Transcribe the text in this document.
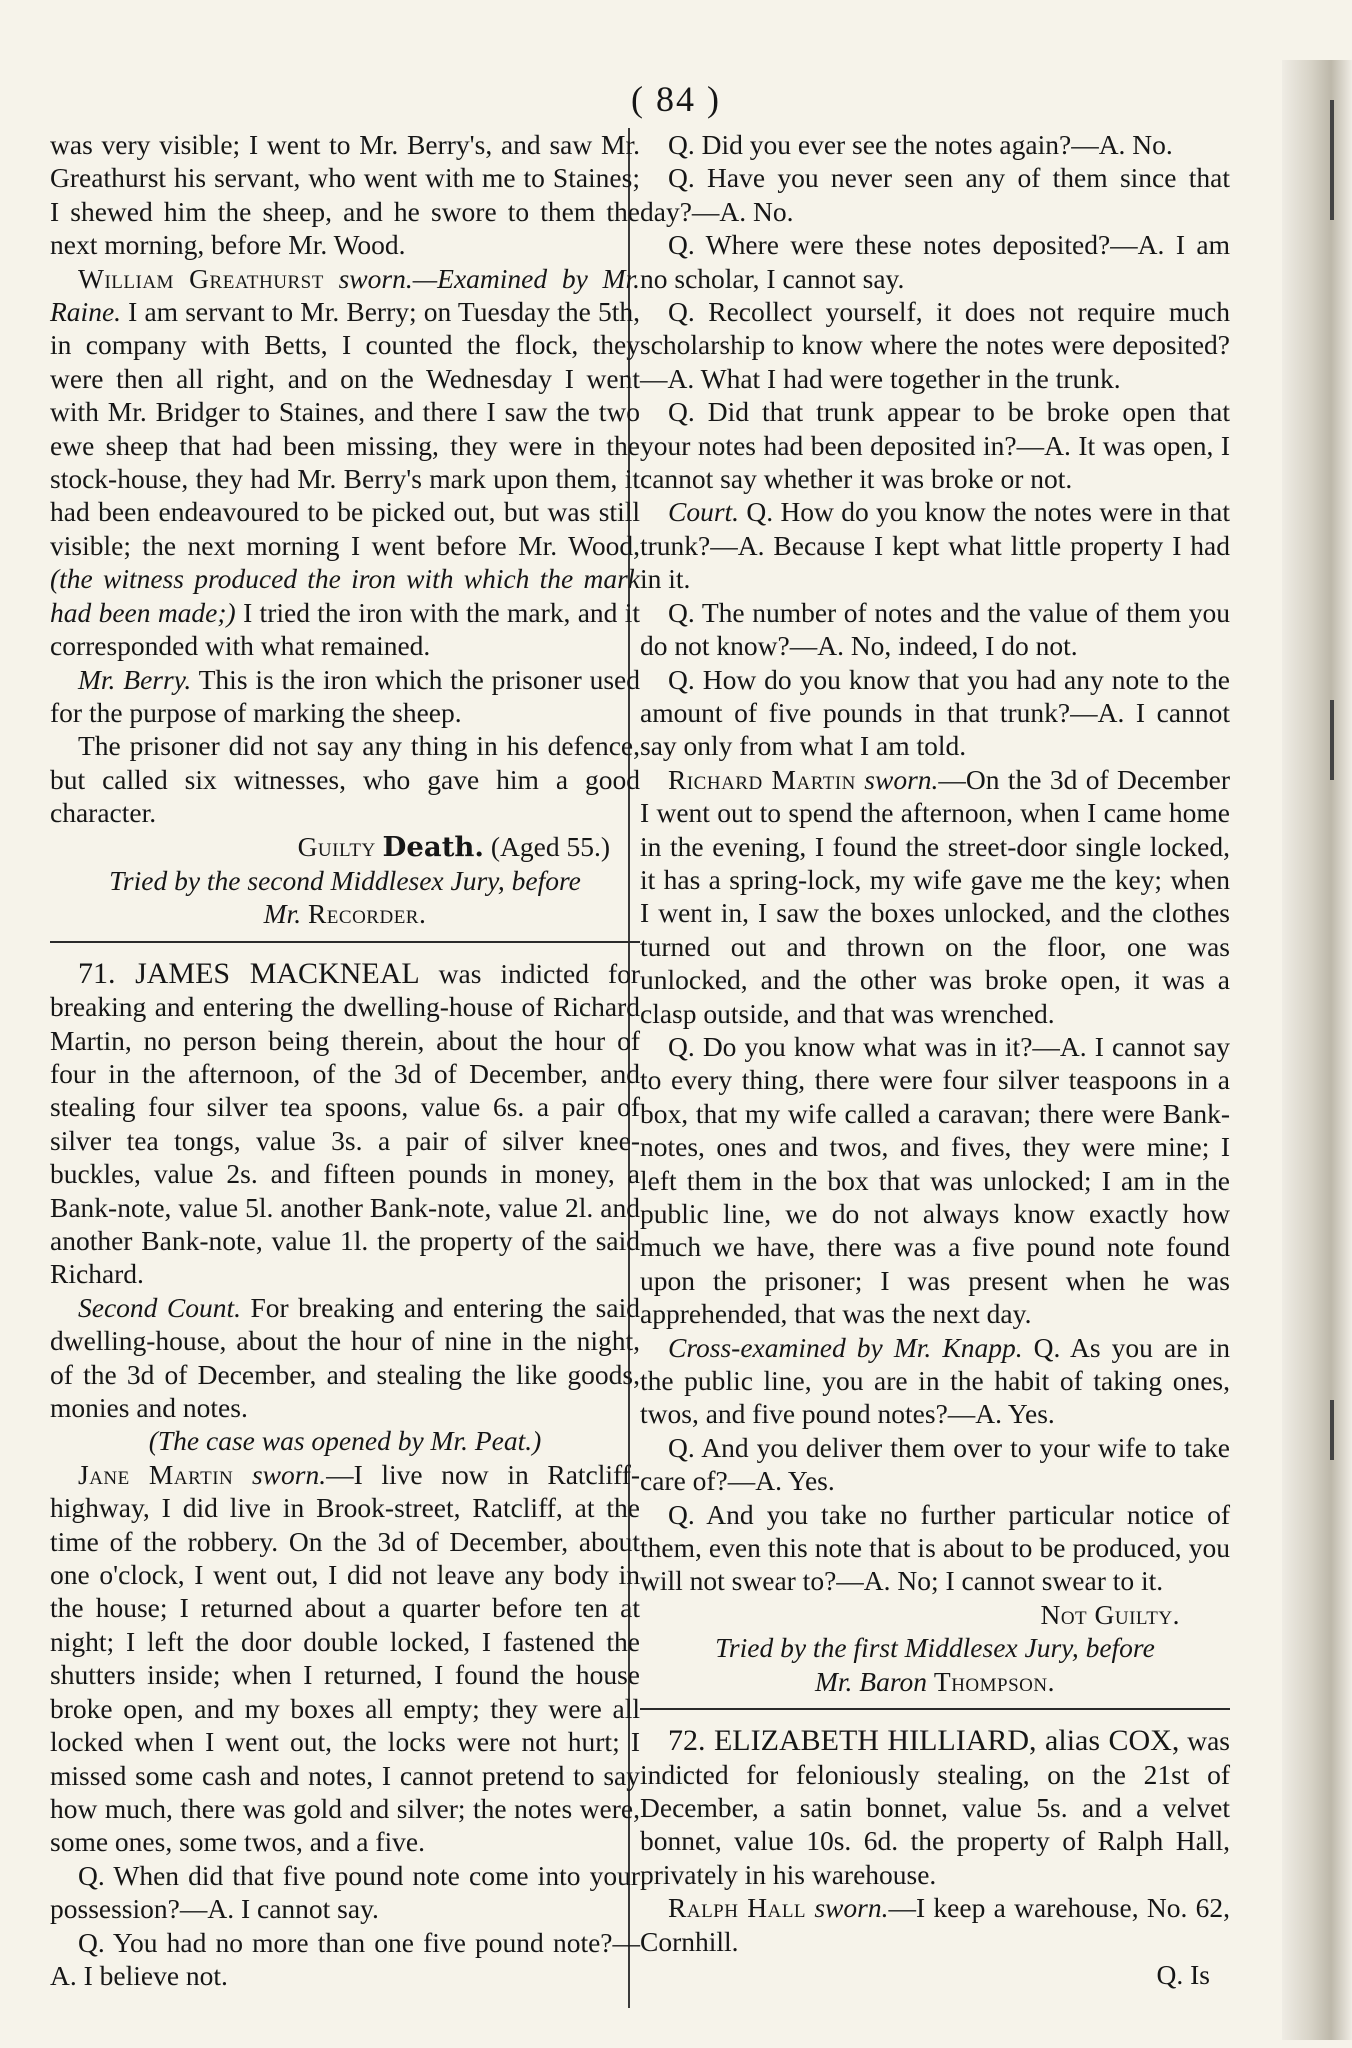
( 84 )

was very visible; I went to Mr. Berry's, and saw Mr. Greathurst his servant, who went with me to Staines; I shewed him the sheep, and he swore to them the next morning, before Mr. Wood.

William Greathurst sworn.—Examined by Mr. Raine. I am servant to Mr. Berry; on Tuesday the 5th, in company with Betts, I counted the flock, they were then all right, and on the Wednesday I went with Mr. Bridger to Staines, and there I saw the two ewe sheep that had been missing, they were in the stock-house, they had Mr. Berry's mark upon them, it had been endeavoured to be picked out, but was still visible; the next morning I went before Mr. Wood, (the witness produced the iron with which the mark had been made;) I tried the iron with the mark, and it corresponded with what remained.

Mr. Berry. This is the iron which the prisoner used for the purpose of marking the sheep.

The prisoner did not say any thing in his defence, but called six witnesses, who gave him a good character.

Guilty Death. (Aged 55.)

Tried by the second Middlesex Jury, before

Mr. Recorder.

71. JAMES MACKNEAL was indicted for breaking and entering the dwelling-house of Richard Martin, no person being therein, about the hour of four in the afternoon, of the 3d of December, and stealing four silver tea spoons, value 6s. a pair of silver tea tongs, value 3s. a pair of silver knee-buckles, value 2s. and fifteen pounds in money, a Bank-note, value 5l. another Bank-note, value 2l. and another Bank-note, value 1l. the property of the said Richard.

Second Count. For breaking and entering the said dwelling-house, about the hour of nine in the night, of the 3d of December, and stealing the like goods, monies and notes.

(The case was opened by Mr. Peat.)

Jane Martin sworn.—I live now in Ratcliff-highway, I did live in Brook-street, Ratcliff, at the time of the robbery. On the 3d of December, about one o'clock, I went out, I did not leave any body in the house; I returned about a quarter before ten at night; I left the door double locked, I fastened the shutters inside; when I returned, I found the house broke open, and my boxes all empty; they were all locked when I went out, the locks were not hurt; I missed some cash and notes, I cannot pretend to say how much, there was gold and silver; the notes were, some ones, some twos, and a five.

Q. When did that five pound note come into your possession?—A. I cannot say.

Q. You had no more than one five pound note?—A. I believe not.

Q. Did you ever see the notes again?—A. No.

Q. Have you never seen any of them since that day?—A. No.

Q. Where were these notes deposited?—A. I am no scholar, I cannot say.

Q. Recollect yourself, it does not require much scholarship to know where the notes were deposited?—A. What I had were together in the trunk.

Q. Did that trunk appear to be broke open that your notes had been deposited in?—A. It was open, I cannot say whether it was broke or not.

Court. Q. How do you know the notes were in that trunk?—A. Because I kept what little property I had in it.

Q. The number of notes and the value of them you do not know?—A. No, indeed, I do not.

Q. How do you know that you had any note to the amount of five pounds in that trunk?—A. I cannot say only from what I am told.

Richard Martin sworn.—On the 3d of December I went out to spend the afternoon, when I came home in the evening, I found the street-door single locked, it has a spring-lock, my wife gave me the key; when I went in, I saw the boxes unlocked, and the clothes turned out and thrown on the floor, one was unlocked, and the other was broke open, it was a clasp outside, and that was wrenched.

Q. Do you know what was in it?—A. I cannot say to every thing, there were four silver teaspoons in a box, that my wife called a caravan; there were Bank-notes, ones and twos, and fives, they were mine; I left them in the box that was unlocked; I am in the public line, we do not always know exactly how much we have, there was a five pound note found upon the prisoner; I was present when he was apprehended, that was the next day.

Cross-examined by Mr. Knapp. Q. As you are in the public line, you are in the habit of taking ones, twos, and five pound notes?—A. Yes.

Q. And you deliver them over to your wife to take care of?—A. Yes.

Q. And you take no further particular notice of them, even this note that is about to be produced, you will not swear to?—A. No; I cannot swear to it.

Not Guilty.

Tried by the first Middlesex Jury, before

Mr. Baron Thompson.

72. ELIZABETH HILLIARD, alias COX, was indicted for feloniously stealing, on the 21st of December, a satin bonnet, value 5s. and a velvet bonnet, value 10s. 6d. the property of Ralph Hall, privately in his warehouse.

Ralph Hall sworn.—I keep a warehouse, No. 62, Cornhill.

Q. Is
